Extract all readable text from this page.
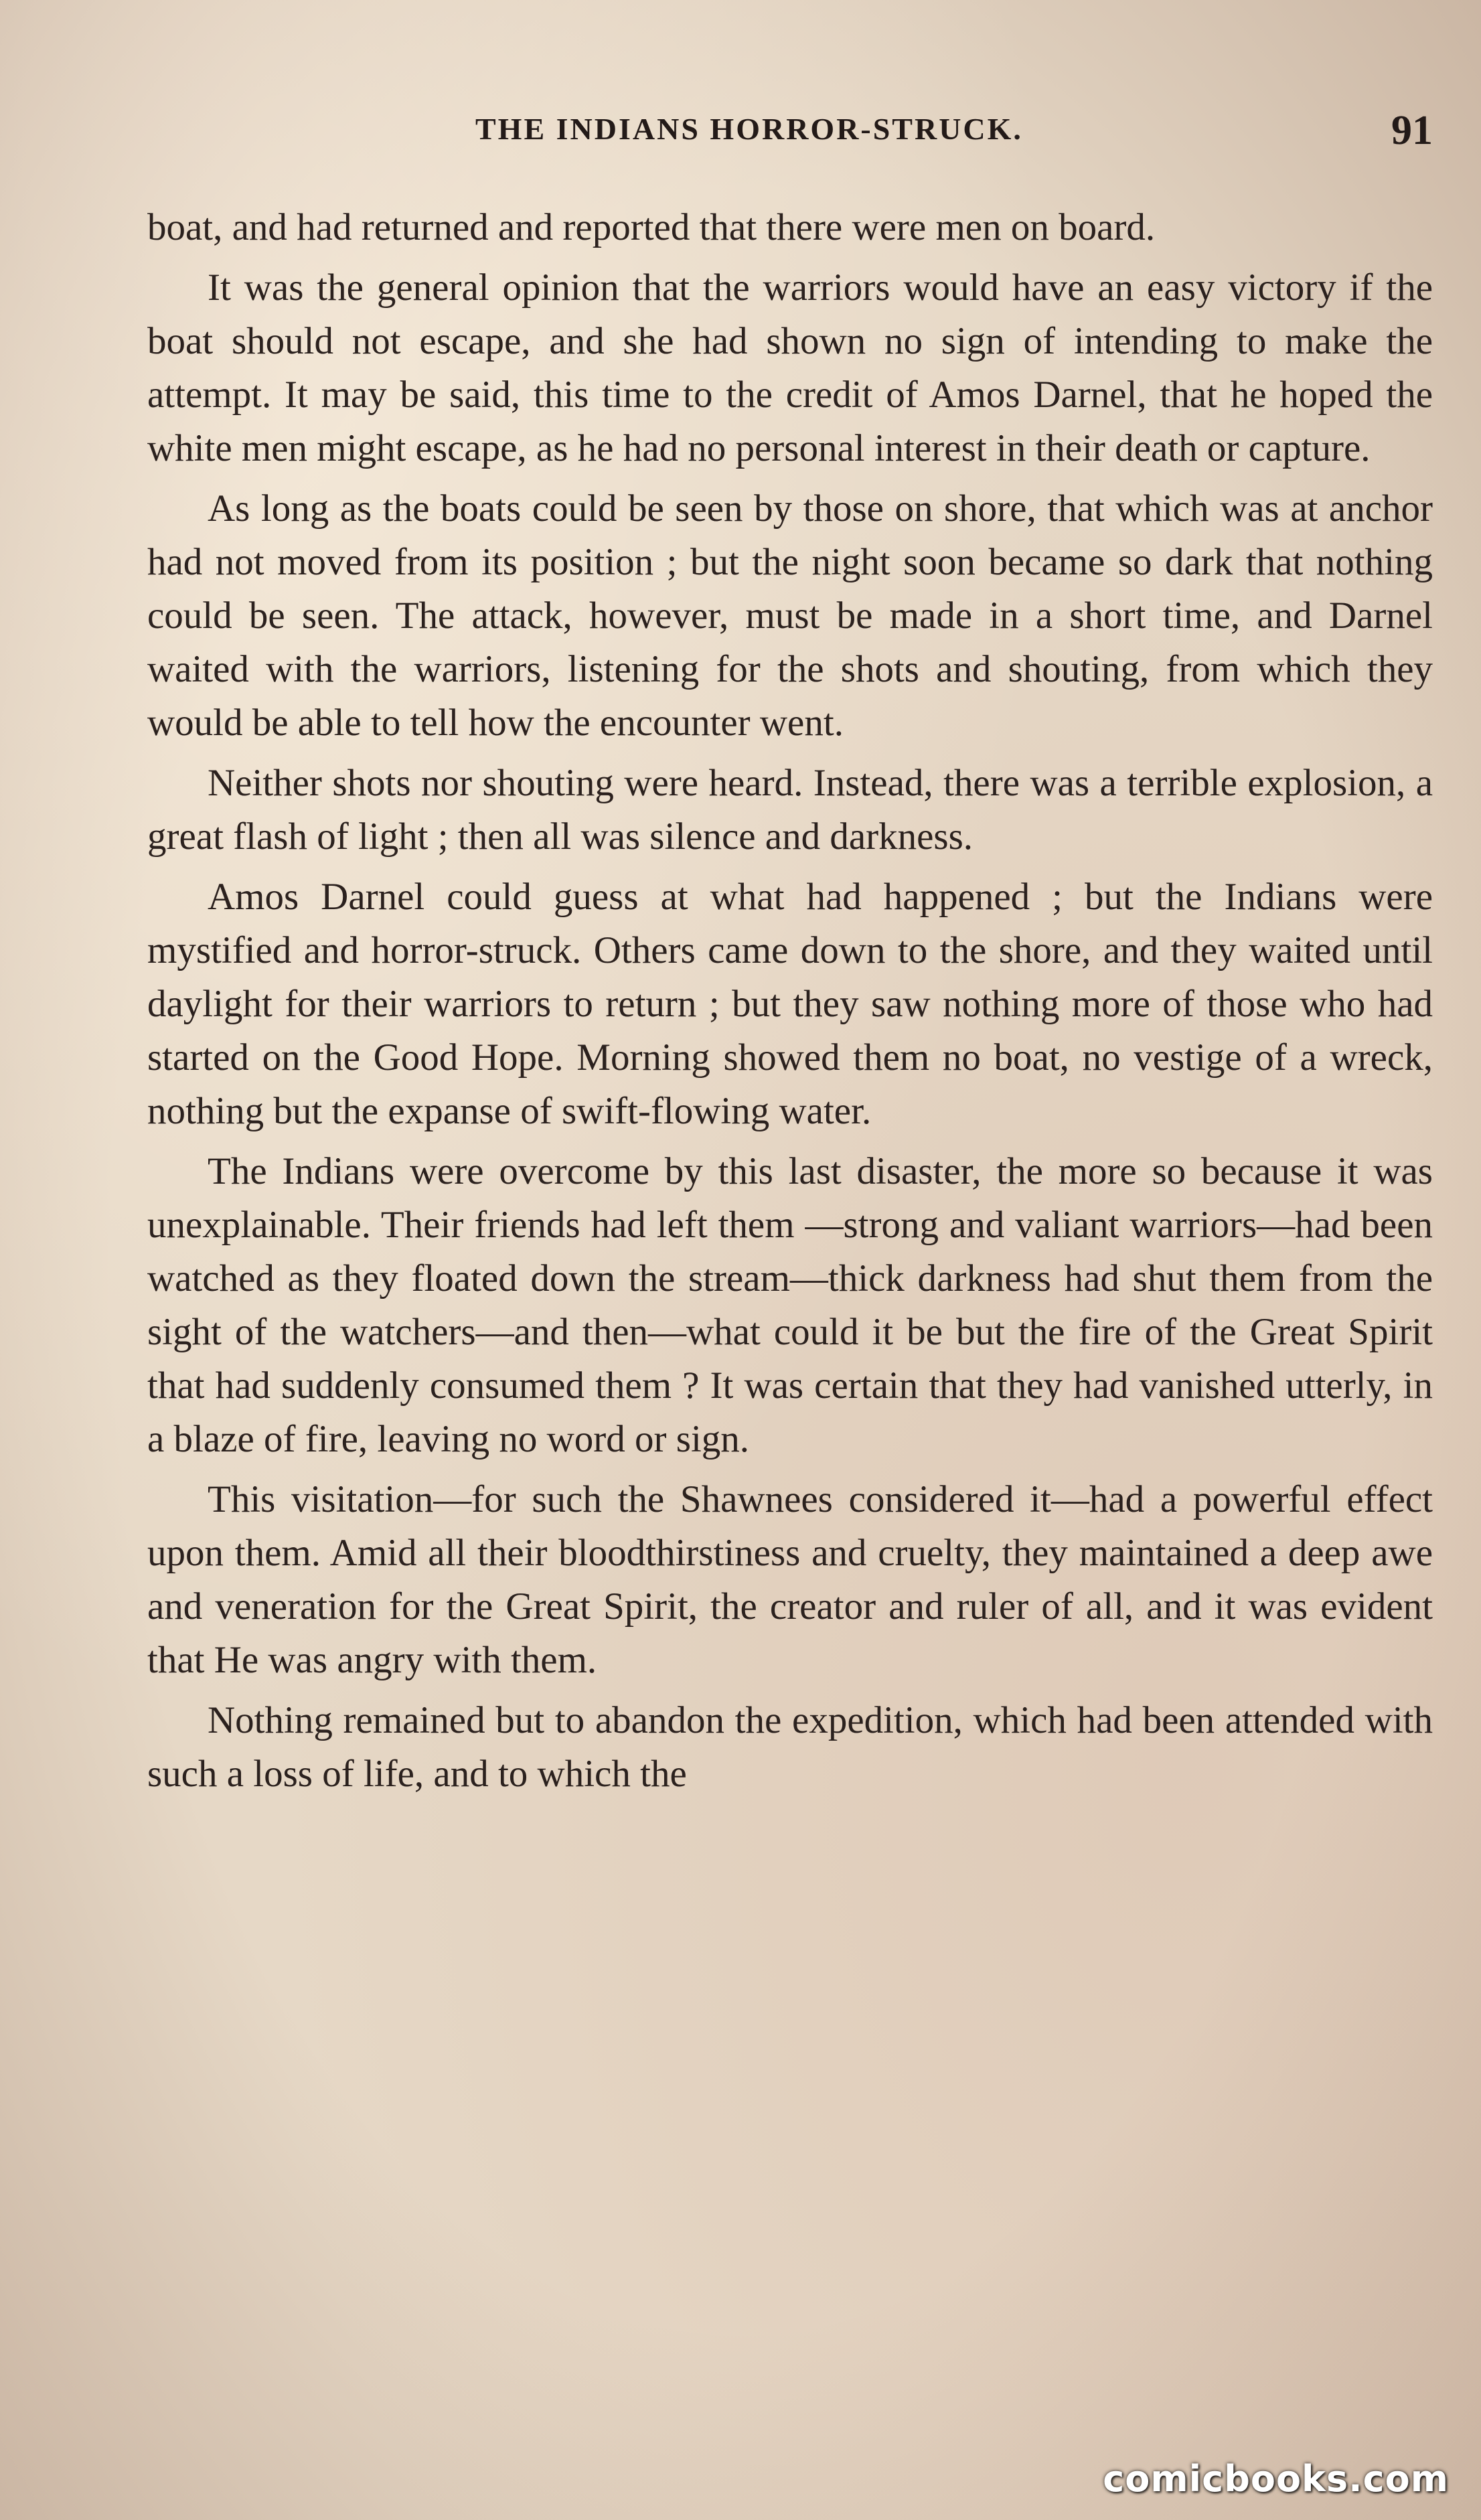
THE INDIANS HORROR-STRUCK.	91

boat, and had returned and reported that there were men on board.

It was the general opinion that the warriors would have an easy victory if the boat should not escape, and she had shown no sign of intending to make the attempt. It may be said, this time to the credit of Amos Darnel, that he hoped the white men might escape, as he had no personal interest in their death or capture.

As long as the boats could be seen by those on shore, that which was at anchor had not moved from its position ; but the night soon became so dark that nothing could be seen. The attack, however, must be made in a short time, and Darnel waited with the warriors, listening for the shots and shouting, from which they would be able to tell how the encounter went.

Neither shots nor shouting were heard. Instead, there was a terrible explosion, a great flash of light ; then all was silence and darkness.

Amos Darnel could guess at what had happened ; but the Indians were mystified and horror-struck. Others came down to the shore, and they waited until daylight for their warriors to return ; but they saw nothing more of those who had started on the Good Hope. Morning showed them no boat, no vestige of a wreck, nothing but the expanse of swift-flowing water.

The Indians were overcome by this last disaster, the more so because it was unexplainable. Their friends had left them —strong and valiant warriors—had been watched as they floated down the stream—thick darkness had shut them from the sight of the watchers—and then—what could it be but the fire of the Great Spirit that had suddenly consumed them ? It was certain that they had vanished utterly, in a blaze of fire, leaving no word or sign.

This visitation—for such the Shawnees considered it—had a powerful effect upon them. Amid all their bloodthirstiness and cruelty, they maintained a deep awe and veneration for the Great Spirit, the creator and ruler of all, and it was evident that He was angry with them.

Nothing remained but to abandon the expedition, which had been attended with such a loss of life, and to which the

comicbooks.com
